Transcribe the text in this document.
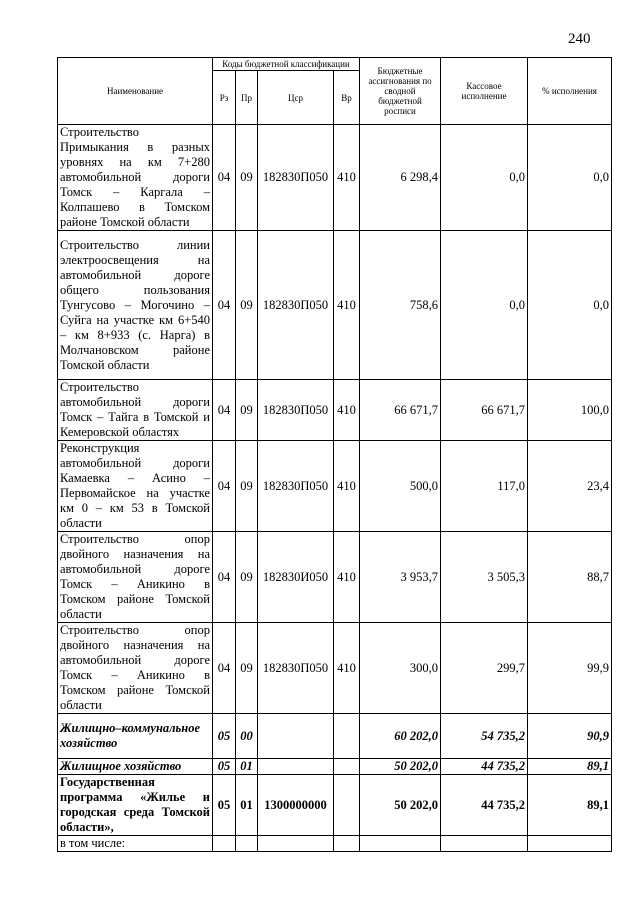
240
Наименование	Коды бюджетной классификации				Бюджетные ассигнования по сводной бюджетной росписи	Кассовое исполнение	% исполнения
	Рз	Пр	Цср	Вр			
Строительство Примыкания в разных уровнях на км 7+280 автомобильной дороги Томск – Каргала – Колпашево в Томском районе Томской области	04	09	182830П050	410	6 298,4	0,0	0,0
Строительство линии электроосвещения на автомобильной дороге общего пользования Тунгусово – Могочино – Суйга на участке км 6+540 – км 8+933 (с. Нарга) в Молчановском районе Томской области	04	09	182830П050	410	758,6	0,0	0,0
Строительство автомобильной дороги Томск – Тайга в Томской и Кемеровской областях	04	09	182830П050	410	66 671,7	66 671,7	100,0
Реконструкция автомобильной дороги Камаевка – Асино – Первомайское на участке км 0 – км 53 в Томской области	04	09	182830П050	410	500,0	117,0	23,4
Строительство опор двойного назначения на автомобильной дороге Томск – Аникино в Томском районе Томской области	04	09	182830И050	410	3 953,7	3 505,3	88,7
Строительство опор двойного назначения на автомобильной дороге Томск – Аникино в Томском районе Томской области	04	09	182830П050	410	300,0	299,7	99,9
Жилищно–коммунальное хозяйство	05	00			60 202,0	54 735,2	90,9
Жилищное хозяйство	05	01			50 202,0	44 735,2	89,1
Государственная программа «Жилье и городская среда Томской области»,	05	01	1300000000		50 202,0	44 735,2	89,1
в том числе:							
